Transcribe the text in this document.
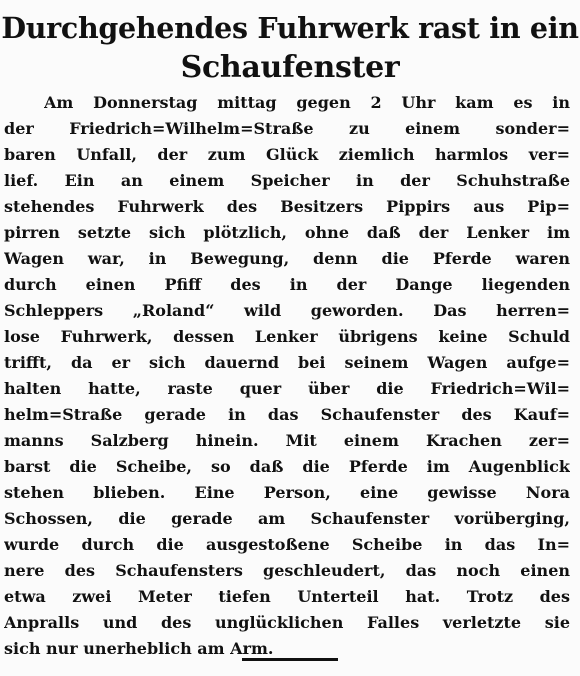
Durchgehendes Fuhrwerk rast in ein
Schaufenster
Am Donnerstag mittag gegen 2 Uhr kam es in
der Friedrich=Wilhelm=Straße zu einem sonder=
baren Unfall, der zum Glück ziemlich harmlos ver=
lief. Ein an einem Speicher in der Schuhstraße
stehendes Fuhrwerk des Besitzers Pippirs aus Pip=
pirren setzte sich plötzlich, ohne daß der Lenker im
Wagen war, in Bewegung, denn die Pferde waren
durch einen Pfiff des in der Dange liegenden
Schleppers „Roland“ wild geworden. Das herren=
lose Fuhrwerk, dessen Lenker übrigens keine Schuld
trifft, da er sich dauernd bei seinem Wagen aufge=
halten hatte, raste quer über die Friedrich=Wil=
helm=Straße gerade in das Schaufenster des Kauf=
manns Salzberg hinein. Mit einem Krachen zer=
barst die Scheibe, so daß die Pferde im Augenblick
stehen blieben. Eine Person, eine gewisse Nora
Schossen, die gerade am Schaufenster vorüberging,
wurde durch die ausgestoßene Scheibe in das In=
nere des Schaufensters geschleudert, das noch einen
etwa zwei Meter tiefen Unterteil hat. Trotz des
Anpralls und des unglücklichen Falles verletzte sie
sich nur unerheblich am Arm.
